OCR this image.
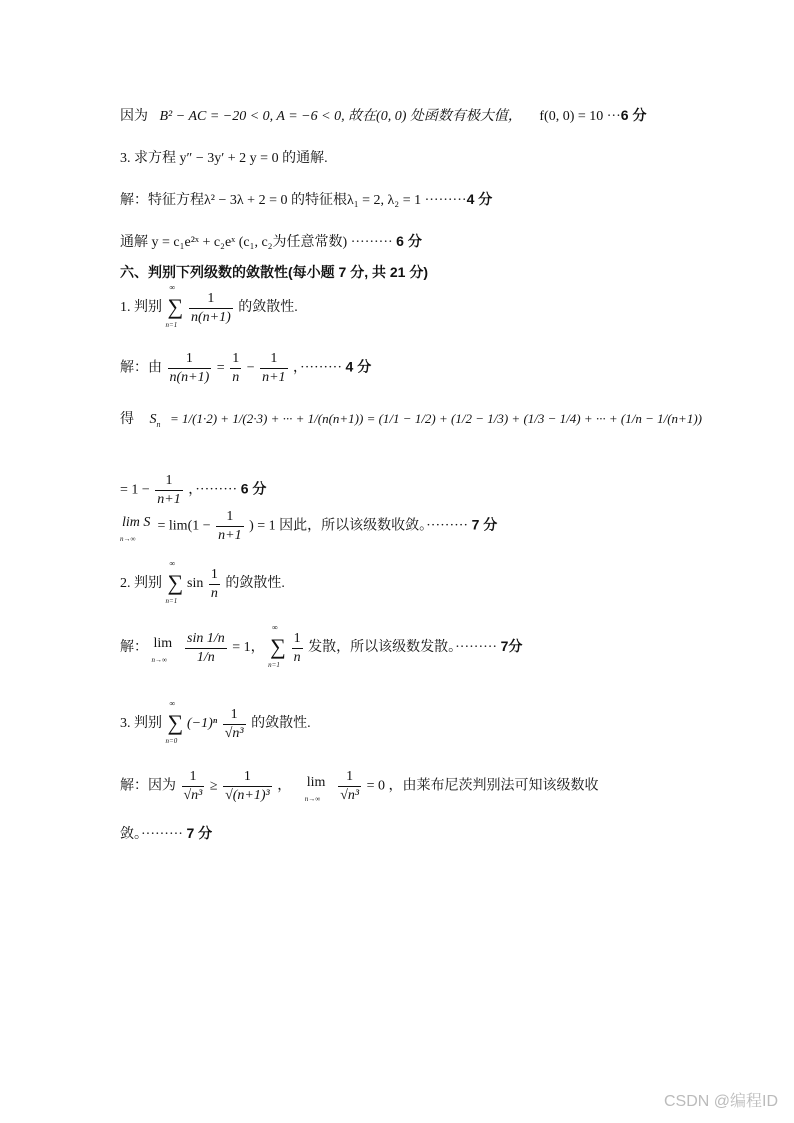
因为 B² − AC = −20 < 0, A = −6 < 0, 故在(0, 0) 处函数有极大值， f(0, 0) = 10 ···6 分
3. 求方程 y″ − 3y′ + 2 y = 0 的通解.
解：特征方程λ² − 3λ + 2 = 0 的特征根λ₁ = 2, λ₂ = 1 ·········4 分
通解 y = c₁e²ˣ + c₂eˣ (c₁, c₂为任意常数) ········· 6 分
六、判别下列级数的敛散性(每小题 7 分, 共 21 分)
1. 判别
∞
∑
n=1

$\frac{1}{n(n+1)}$ 的敛散性.
解：由 $\frac{1}{n(n+1)} = \frac{1}{n} - \frac{1}{n+1}$ ，········· 4 分
得 $S_n = 1/(1\cdot 2) + 1/(2\cdot 3)$ + ··· + 1/(n(n+1)) = (1/1 − 1/2) + (1/2 − 1/3) + (1/3 − 1/4) + ··· + (1/n − 1/(n+1))
= $1 - \frac{1}{n+1}$ ，········· 6 分
lim S
n→∞
= $\lim(1 - \frac{1}{n+1}$ ) = 1 因此，所以该级数收敛。········· 7 分
2. 判别
∞
∑
n=1
$\sin \frac{1}{n}$ 的敛散性.
解： lim
n→∞
$\frac{\sin 1/n}{1/n} = 1$，
∞
∑
n=1

$\frac{1}{n}$ 发散，所以该级数发散。········· 7分
3. 判别
∞
∑
n=0
$(-1)^n \frac{1}{\text{√n³}}$ 的敛散性.
解：因为 $\frac{1}{\text{√n³}} \ge \frac{1}{\text{√(n+1)³}}$ ， lim
n→∞
$\frac{1}{\text{√n³}} = 0$ ，由莱布尼茨判别法可知该级数收
敛。········· 7 分
CSDN @编程ID
